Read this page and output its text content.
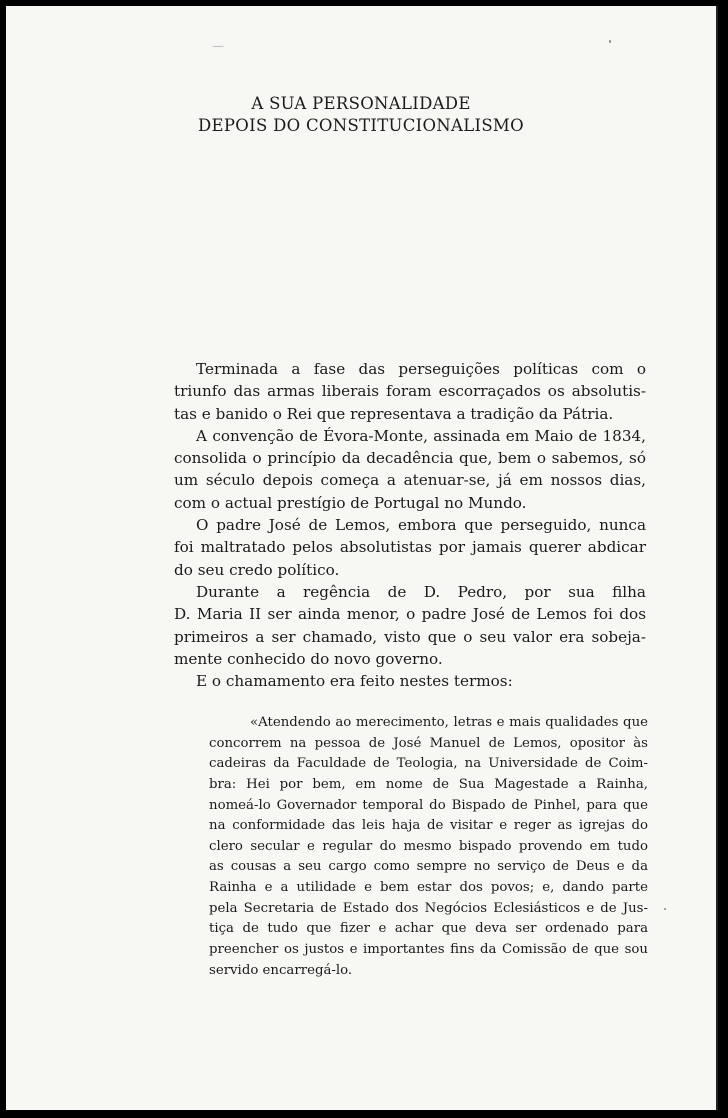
A SUA PERSONALIDADE
DEPOIS DO CONSTITUCIONALISMO
Terminada a fase das perseguições políticas com o
triunfo das armas liberais foram escorraçados os absolutis-
tas e banido o Rei que representava a tradição da Pátria.
A convenção de Évora-Monte, assinada em Maio de 1834,
consolida o princípio da decadência que, bem o sabemos, só
um século depois começa a atenuar-se, já em nossos dias,
com o actual prestígio de Portugal no Mundo.
O padre José de Lemos, embora que perseguido, nunca
foi maltratado pelos absolutistas por jamais querer abdicar
do seu credo político.
Durante a regência de D. Pedro, por sua filha
D. Maria II ser ainda menor, o padre José de Lemos foi dos
primeiros a ser chamado, visto que o seu valor era sobeja-
mente conhecido do novo governo.
E o chamamento era feito nestes termos:
«Atendendo ao merecimento, letras e mais qualidades que
concorrem na pessoa de José Manuel de Lemos, opositor às
cadeiras da Faculdade de Teologia, na Universidade de Coim-
bra: Hei por bem, em nome de Sua Magestade a Rainha,
nomeá-lo Governador temporal do Bispado de Pinhel, para que
na conformidade das leis haja de visitar e reger as igrejas do
clero secular e regular do mesmo bispado provendo em tudo
as cousas a seu cargo como sempre no serviço de Deus e da
Rainha e a utilidade e bem estar dos povos; e, dando parte
pela Secretaria de Estado dos Negócios Eclesiásticos e de Jus-
tiça de tudo que fizer e achar que deva ser ordenado para
preencher os justos e importantes fins da Comissão de que sou
servido encarregá-lo.
